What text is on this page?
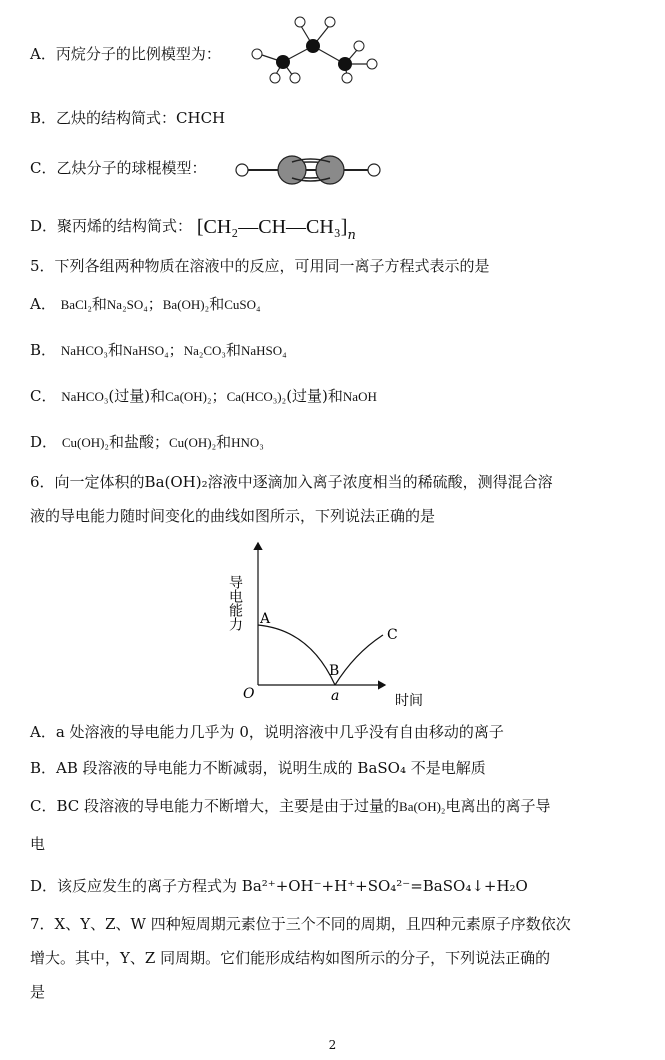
A．丙烷分子的比例模型为：
B．乙炔的结构简式：CHCH
C．乙炔分子的球棍模型：
D．聚丙烯的结构简式： [CH₂—CH—CH₃]n
5．下列各组两种物质在溶液中的反应，可用同一离子方程式表示的是
A． BaCl₂和Na₂SO₄；Ba(OH)₂和CuSO₄
B． NaHCO₃和NaHSO₄；Na₂CO₃和NaHSO₄
C． NaHCO₃(过量)和Ca(OH)₂；Ca(HCO₃)₂(过量)和NaOH
D． Cu(OH)₂和盐酸；Cu(OH)₂和HNO₃
6．向一定体积的Ba(OH)₂溶液中逐滴加入离子浓度相当的稀硫酸，测得混合溶
液的导电能力随时间变化的曲线如图所示，下列说法正确的是
导电能力 A
B
C
O	a	时间
A．a 处溶液的导电能力几乎为 0，说明溶液中几乎没有自由移动的离子
B．AB 段溶液的导电能力不断减弱，说明生成的 BaSO₄ 不是电解质
C．BC 段溶液的导电能力不断增大，主要是由于过量的Ba(OH)₂电离出的离子导
电
D．该反应发生的离子方程式为 Ba²⁺+OH⁻+H⁺+SO₄²⁻=BaSO₄↓+H₂O
7．X、Y、Z、W 四种短周期元素位于三个不同的周期，且四种元素原子序数依次
增大。其中，Y、Z 同周期。它们能形成结构如图所示的分子，下列说法正确的
是
2
